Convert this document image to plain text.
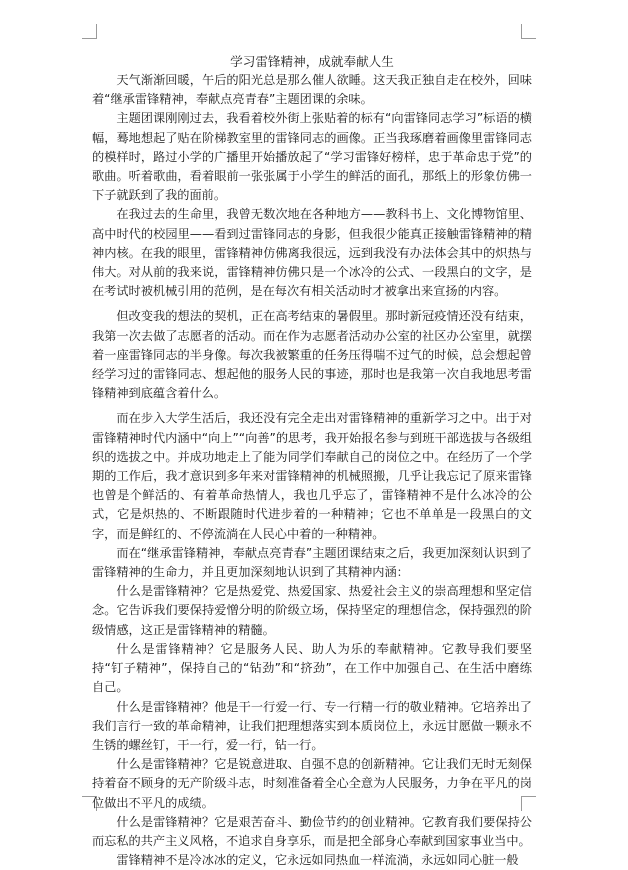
学习雷锋精神，成就奉献人生

天气渐渐回暖，午后的阳光总是那么催人欲睡。这天我正独自走在校外，回味着“继承雷锋精神，奉献点亮青春”主题团课的余味。

主题团课刚刚过去，我看着校外街上张贴着的标有“向雷锋同志学习”标语的横幅，蓦地想起了贴在阶梯教室里的雷锋同志的画像。正当我琢磨着画像里雷锋同志的模样时，路过小学的广播里开始播放起了“学习雷锋好榜样，忠于革命忠于党”的歌曲。听着歌曲，看着眼前一张张属于小学生的鲜活的面孔，那纸上的形象仿佛一下子就跃到了我的面前。

在我过去的生命里，我曾无数次地在各种地方——教科书上、文化博物馆里、高中时代的校园里——看到过雷锋同志的身影，但我很少能真正接触雷锋精神的精神内核。在我的眼里，雷锋精神仿佛离我很远，远到我没有办法体会其中的炽热与伟大。对从前的我来说，雷锋精神仿佛只是一个冰冷的公式、一段黑白的文字，是在考试时被机械引用的范例，是在每次有相关活动时才被拿出来宣扬的内容。

但改变我的想法的契机，正在高考结束的暑假里。那时新冠疫情还没有结束，我第一次去做了志愿者的活动。而在作为志愿者活动办公室的社区办公室里，就摆着一座雷锋同志的半身像。每次我被繁重的任务压得喘不过气的时候，总会想起曾经学习过的雷锋同志、想起他的服务人民的事迹，那时也是我第一次自我地思考雷锋精神到底蕴含着什么。

而在步入大学生活后，我还没有完全走出对雷锋精神的重新学习之中。出于对雷锋精神时代内涵中“向上”“向善”的思考，我开始报名参与到班干部选拔与各级组织的选拔之中。并成功地走上了能为同学们奉献自己的岗位之中。在经历了一个学期的工作后，我才意识到多年来对雷锋精神的机械照搬，几乎让我忘记了原来雷锋也曾是个鲜活的、有着革命热情人，我也几乎忘了，雷锋精神不是什么冰冷的公式，它是炽热的、不断跟随时代进步着的一种精神；它也不单单是一段黑白的文字，而是鲜红的、不停流淌在人民心中着的一种精神。

而在“继承雷锋精神，奉献点亮青春”主题团课结束之后，我更加深刻认识到了雷锋精神的生命力，并且更加深刻地认识到了其精神内涵：

什么是雷锋精神？它是热爱党、热爱国家、热爱社会主义的崇高理想和坚定信念。它告诉我们要保持爱憎分明的阶级立场，保持坚定的理想信念，保持强烈的阶级情感，这正是雷锋精神的精髓。

什么是雷锋精神？它是服务人民、助人为乐的奉献精神。它教导我们要坚持“钉子精神”，保持自己的“钻劲”和“挤劲”，在工作中加强自己、在生活中磨练自己。

什么是雷锋精神？他是干一行爱一行、专一行精一行的敬业精神。它培养出了我们言行一致的革命精神，让我们把理想落实到本质岗位上，永远甘愿做一颗永不生锈的螺丝钉，干一行，爱一行，钻一行。

什么是雷锋精神？它是锐意进取、自强不息的创新精神。它让我们无时无刻保持着奋不顾身的无产阶级斗志，时刻准备着全心全意为人民服务，力争在平凡的岗位做出不平凡的成绩。

什么是雷锋精神？它是艰苦奋斗、勤俭节约的创业精神。它教育我们要保持公而忘私的共产主义风格，不追求自身享乐，而是把全部身心奉献到国家事业当中。

雷锋精神不是冷冰冰的定义，它永远如同热血一样流淌，永远如同心脏一般
